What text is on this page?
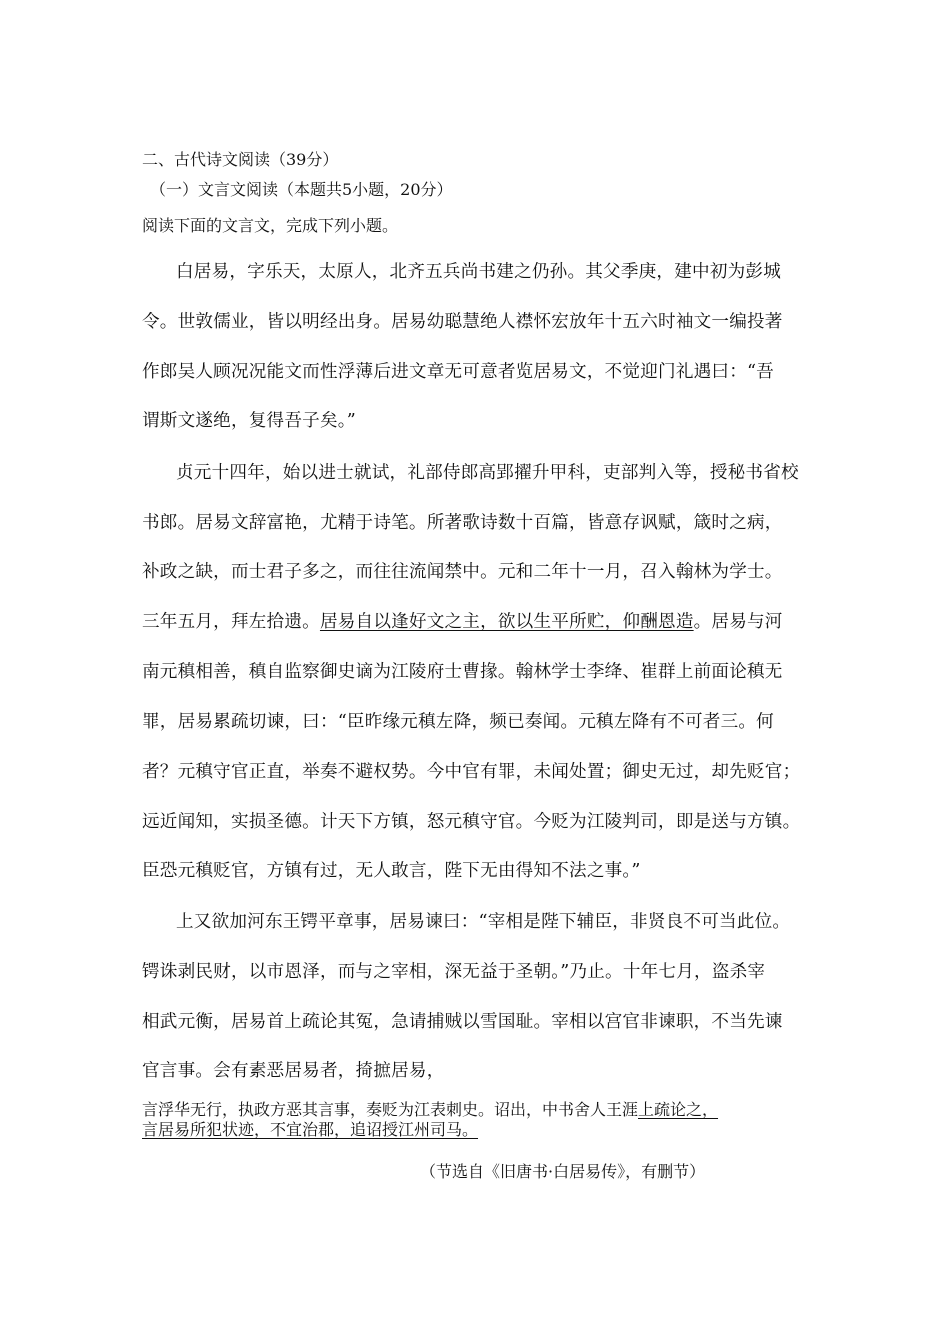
二、古代诗文阅读（39分）
（一）文言文阅读（本题共5小题，20分）
阅读下面的文言文，完成下列小题。
白居易，字乐天，太原人，北齐五兵尚书建之仍孙。其父季庚，建中初为彭城
令。世敦儒业，皆以明经出身。居易幼聪慧绝人襟怀宏放年十五六时袖文一编投著
作郎吴人顾况况能文而性浮薄后进文章无可意者览居易文，不觉迎门礼遇曰：“吾
谓斯文遂绝，复得吾子矣。”
贞元十四年，始以进士就试，礼部侍郎高郢擢升甲科，吏部判入等，授秘书省校
书郎。居易文辞富艳，尤精于诗笔。所著歌诗数十百篇，皆意存讽赋，箴时之病，
补政之缺，而士君子多之，而往往流闻禁中。元和二年十一月，召入翰林为学士。
三年五月，拜左拾遗。居易自以逢好文之主，欲以生平所贮，仰酬恩造。居易与河
南元稹相善，稹自监察御史谪为江陵府士曹掾。翰林学士李绛、崔群上前面论稹无
罪，居易累疏切谏，曰：“臣昨缘元稹左降，频已奏闻。元稹左降有不可者三。何
者？元稹守官正直，举奏不避权势。今中官有罪，未闻处置；御史无过，却先贬官；
远近闻知，实损圣德。计天下方镇，怒元稹守官。今贬为江陵判司，即是送与方镇。
臣恐元稹贬官，方镇有过，无人敢言，陛下无由得知不法之事。”
上又欲加河东王锷平章事，居易谏曰：“宰相是陛下辅臣，非贤良不可当此位。
锷诛剥民财，以市恩泽，而与之宰相，深无益于圣朝。”乃止。十年七月，盗杀宰
相武元衡，居易首上疏论其冤，急请捕贼以雪国耻。宰相以宫官非谏职，不当先谏
官言事。会有素恶居易者，掎摭居易，
言浮华无行，执政方恶其言事，奏贬为江表刺史。诏出，中书舍人王涯上疏论之，
言居易所犯状迹，不宜治郡，追诏授江州司马。
（节选自《旧唐书·白居易传》，有删节）
